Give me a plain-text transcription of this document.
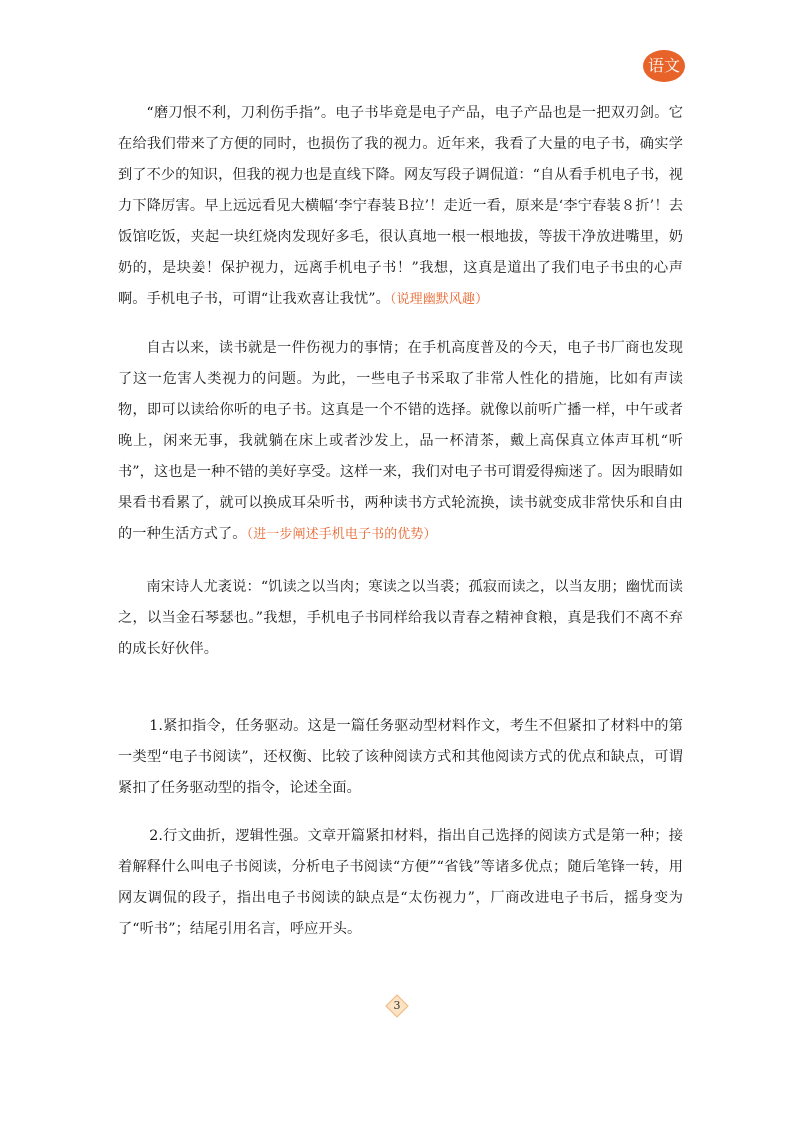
语文

“磨刀恨不利，刀利伤手指”。电子书毕竟是电子产品，电子产品也是一把双刃剑。它在给我们带来了方便的同时，也损伤了我的视力。近年来，我看了大量的电子书，确实学到了不少的知识，但我的视力也是直线下降。网友写段子调侃道：“自从看手机电子书，视力下降厉害。早上远远看见大横幅‘李宁春装Ｂ拉’！走近一看，原来是‘李宁春装８折’！去饭馆吃饭，夹起一块红烧肉发现好多毛，很认真地一根一根地拔，等拔干净放进嘴里，奶奶的，是块姜！保护视力，远离手机电子书！”我想，这真是道出了我们电子书虫的心声啊。手机电子书，可谓“让我欢喜让我忧”。（说理幽默风趣）

自古以来，读书就是一件伤视力的事情；在手机高度普及的今天，电子书厂商也发现了这一危害人类视力的问题。为此，一些电子书采取了非常人性化的措施，比如有声读物，即可以读给你听的电子书。这真是一个不错的选择。就像以前听广播一样，中午或者晚上，闲来无事，我就躺在床上或者沙发上，品一杯清茶，戴上高保真立体声耳机“听书”，这也是一种不错的美好享受。这样一来，我们对电子书可谓爱得痴迷了。因为眼睛如果看书看累了，就可以换成耳朵听书，两种读书方式轮流换，读书就变成非常快乐和自由的一种生活方式了。（进一步阐述手机电子书的优势）

南宋诗人尤袤说：“饥读之以当肉；寒读之以当裘；孤寂而读之，以当友朋；幽忧而读之，以当金石琴瑟也。”我想，手机电子书同样给我以青春之精神食粮，真是我们不离不弃的成长好伙伴。

1.紧扣指令，任务驱动。这是一篇任务驱动型材料作文，考生不但紧扣了材料中的第一类型“电子书阅读”，还权衡、比较了该种阅读方式和其他阅读方式的优点和缺点，可谓紧扣了任务驱动型的指令，论述全面。

2.行文曲折，逻辑性强。文章开篇紧扣材料，指出自己选择的阅读方式是第一种；接着解释什么叫电子书阅读，分析电子书阅读“方便”“省钱”等诸多优点；随后笔锋一转，用网友调侃的段子，指出电子书阅读的缺点是“太伤视力”，厂商改进电子书后，摇身变为了“听书”；结尾引用名言，呼应开头。

3
